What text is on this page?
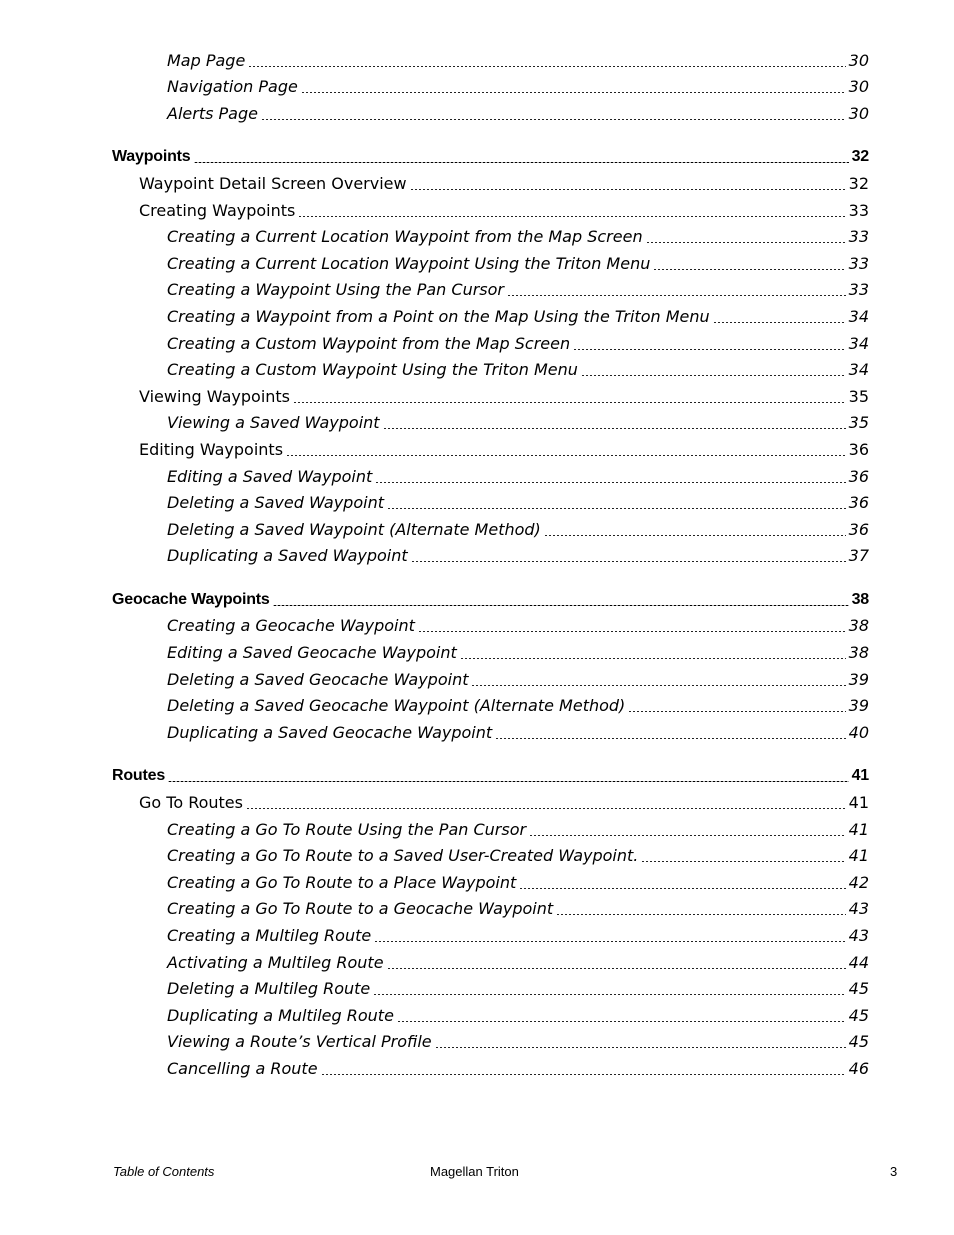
Map Page	30
Navigation Page	30
Alerts Page	30
Waypoints	32
Waypoint Detail Screen Overview	32
Creating Waypoints	33
Creating a Current Location Waypoint from the Map Screen	33
Creating a Current Location Waypoint Using the Triton Menu	33
Creating a Waypoint Using the Pan Cursor	33
Creating a Waypoint from a Point on the Map Using the Triton Menu	34
Creating a Custom Waypoint from the Map Screen	34
Creating a Custom Waypoint Using the Triton Menu	34
Viewing Waypoints	35
Viewing a Saved Waypoint	35
Editing Waypoints	36
Editing a Saved Waypoint	36
Deleting a Saved Waypoint	36
Deleting a Saved Waypoint (Alternate Method)	36
Duplicating a Saved Waypoint	37
Geocache Waypoints	38
Creating a Geocache Waypoint	38
Editing a Saved Geocache Waypoint	38
Deleting a Saved Geocache Waypoint	39
Deleting a Saved Geocache Waypoint (Alternate Method)	39
Duplicating a Saved Geocache Waypoint	40
Routes	41
Go To Routes	41
Creating a Go To Route Using the Pan Cursor	41
Creating a Go To Route to a Saved User-Created Waypoint.	41
Creating a Go To Route to a Place Waypoint	42
Creating a Go To Route to a Geocache Waypoint	43
Creating a Multileg Route	43
Activating a Multileg Route	44
Deleting a Multileg Route	45
Duplicating a Multileg Route	45
Viewing a Route’s Vertical Profile	45
Cancelling a Route	46
Table of Contents	Magellan Triton	3
